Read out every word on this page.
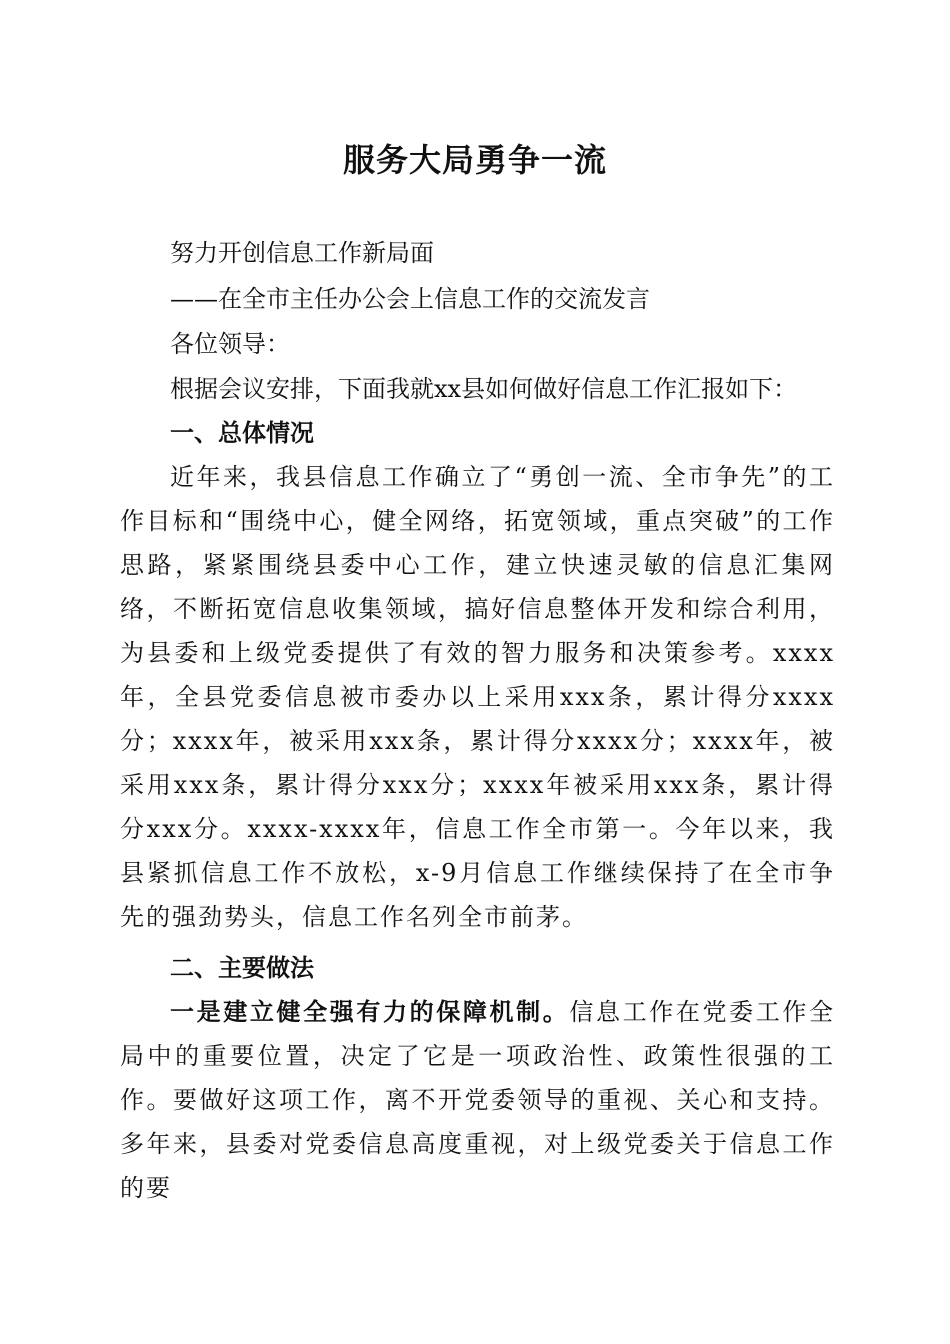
服务大局勇争一流
努力开创信息工作新局面
——在全市主任办公会上信息工作的交流发言
各位领导：
根据会议安排，下面我就xx县如何做好信息工作汇报如下：
一、总体情况
近年来，我县信息工作确立了“勇创一流、全市争先”的工作目标和“围绕中心，健全网络，拓宽领域，重点突破”的工作思路，紧紧围绕县委中心工作，建立快速灵敏的信息汇集网络，不断拓宽信息收集领域，搞好信息整体开发和综合利用，为县委和上级党委提供了有效的智力服务和决策参考。xxxx年，全县党委信息被市委办以上采用xxx条，累计得分xxxx分；xxxx年，被采用xxx条，累计得分xxxx分；xxxx年，被采用xxx条，累计得分xxx分；xxxx年被采用xxx条，累计得分xxx分。xxxx-xxxx年，信息工作全市第一。今年以来，我县紧抓信息工作不放松，x-9月信息工作继续保持了在全市争先的强劲势头，信息工作名列全市前茅。
二、主要做法
一是建立健全强有力的保障机制。信息工作在党委工作全局中的重要位置，决定了它是一项政治性、政策性很强的工作。要做好这项工作，离不开党委领导的重视、关心和支持。多年来，县委对党委信息高度重视，对上级党委关于信息工作的要
